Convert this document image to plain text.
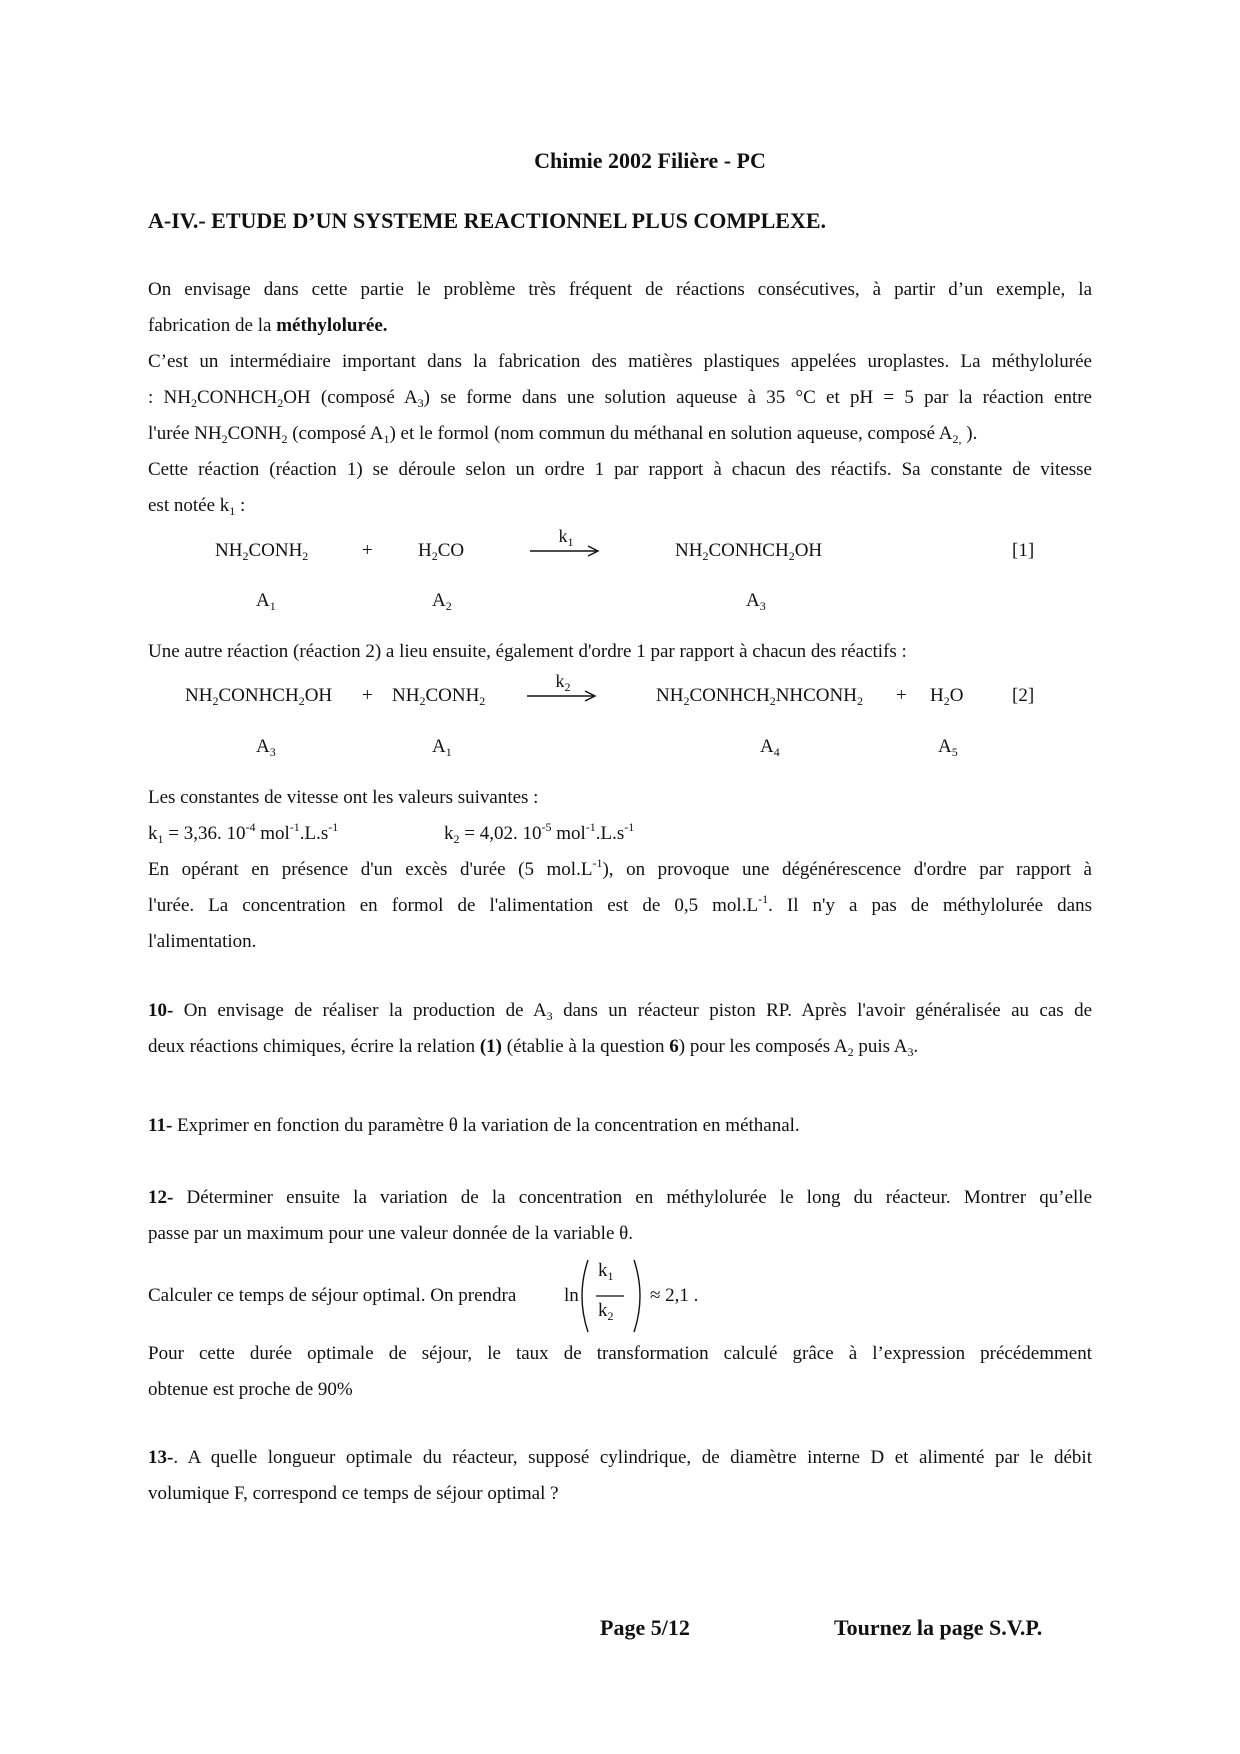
Chimie 2002 Filière - PC
A-IV.- ETUDE D’UN SYSTEME REACTIONNEL PLUS COMPLEXE.
On envisage dans cette partie le problème très fréquent de réactions consécutives, à partir d’un exemple, la
fabrication de la méthylolurée.
C’est un intermédiaire important dans la fabrication des matières plastiques appelées uroplastes. La méthylolurée
: $NH_2CONHCH_2OH$ (composé $A_3$) se forme dans une solution aqueuse à 35 °C et pH = 5 par la réaction entre
l'urée $NH_2CONH_2$ (composé $A_1$) et le formol (nom commun du méthanal en solution aqueuse, composé $A_{2,}$ ).
Cette réaction (réaction 1) se déroule selon un ordre 1 par rapport à chacun des réactifs. Sa constante de vitesse
est notée $k_1$ :
$NH_2CONH_2$	+ $H_2CO$
$k_1$	$NH_2CONHCH_2OH$	[1]
$A_1$	$A_2$	$A_3$
Une autre réaction (réaction 2) a lieu ensuite, également d'ordre 1 par rapport à chacun des réactifs :
$NH_2CONHCH_2OH$ + $NH_2CONH_2$
$k_2$	$NH_2CONHCH_2NHCONH_2 + H_2O$	[2]
$A_3$	$A_1$	$A_4$	$A_5$
Les constantes de vitesse ont les valeurs suivantes :
$k_1 = 3,36$. $10^{-4}$ $mol^{-1}.L.s^{-1}$	$k_2 = 4,02$. $10^{-5}$ $mol^{-1}.L.s^{-1}$
En opérant en présence d'un excès d'urée (5 $mol.L^{-1}$), on provoque une dégénérescence d'ordre par rapport à
l'urée. La concentration en formol de l'alimentation est de 0,5 $mol.L^{-1}$. Il n'y a pas de méthylolurée dans
l'alimentation.
10- On envisage de réaliser la production de $A_3$ dans un réacteur piston RP. Après l'avoir généralisée au cas de
deux réactions chimiques, écrire la relation (1) (établie à la question 6) pour les composés $A_2$ puis $A_3$.
11- Exprimer en fonction du paramètre θ la variation de la concentration en méthanal.
12- Déterminer ensuite la variation de la concentration en méthylolurée le long du réacteur. Montrer qu’elle
passe par un maximum pour une valeur donnée de la variable θ.
Calculer ce temps de séjour optimal. On prendra	ln
$k_1$
$k_2$
≈ 2,1 .
Pour cette durée optimale de séjour, le taux de transformation calculé grâce à l’expression précédemment
obtenue est proche de 90%
13-. A quelle longueur optimale du réacteur, supposé cylindrique, de diamètre interne D et alimenté par le débit
volumique F, correspond ce temps de séjour optimal ?
Page 5/12	Tournez la page S.V.P.
